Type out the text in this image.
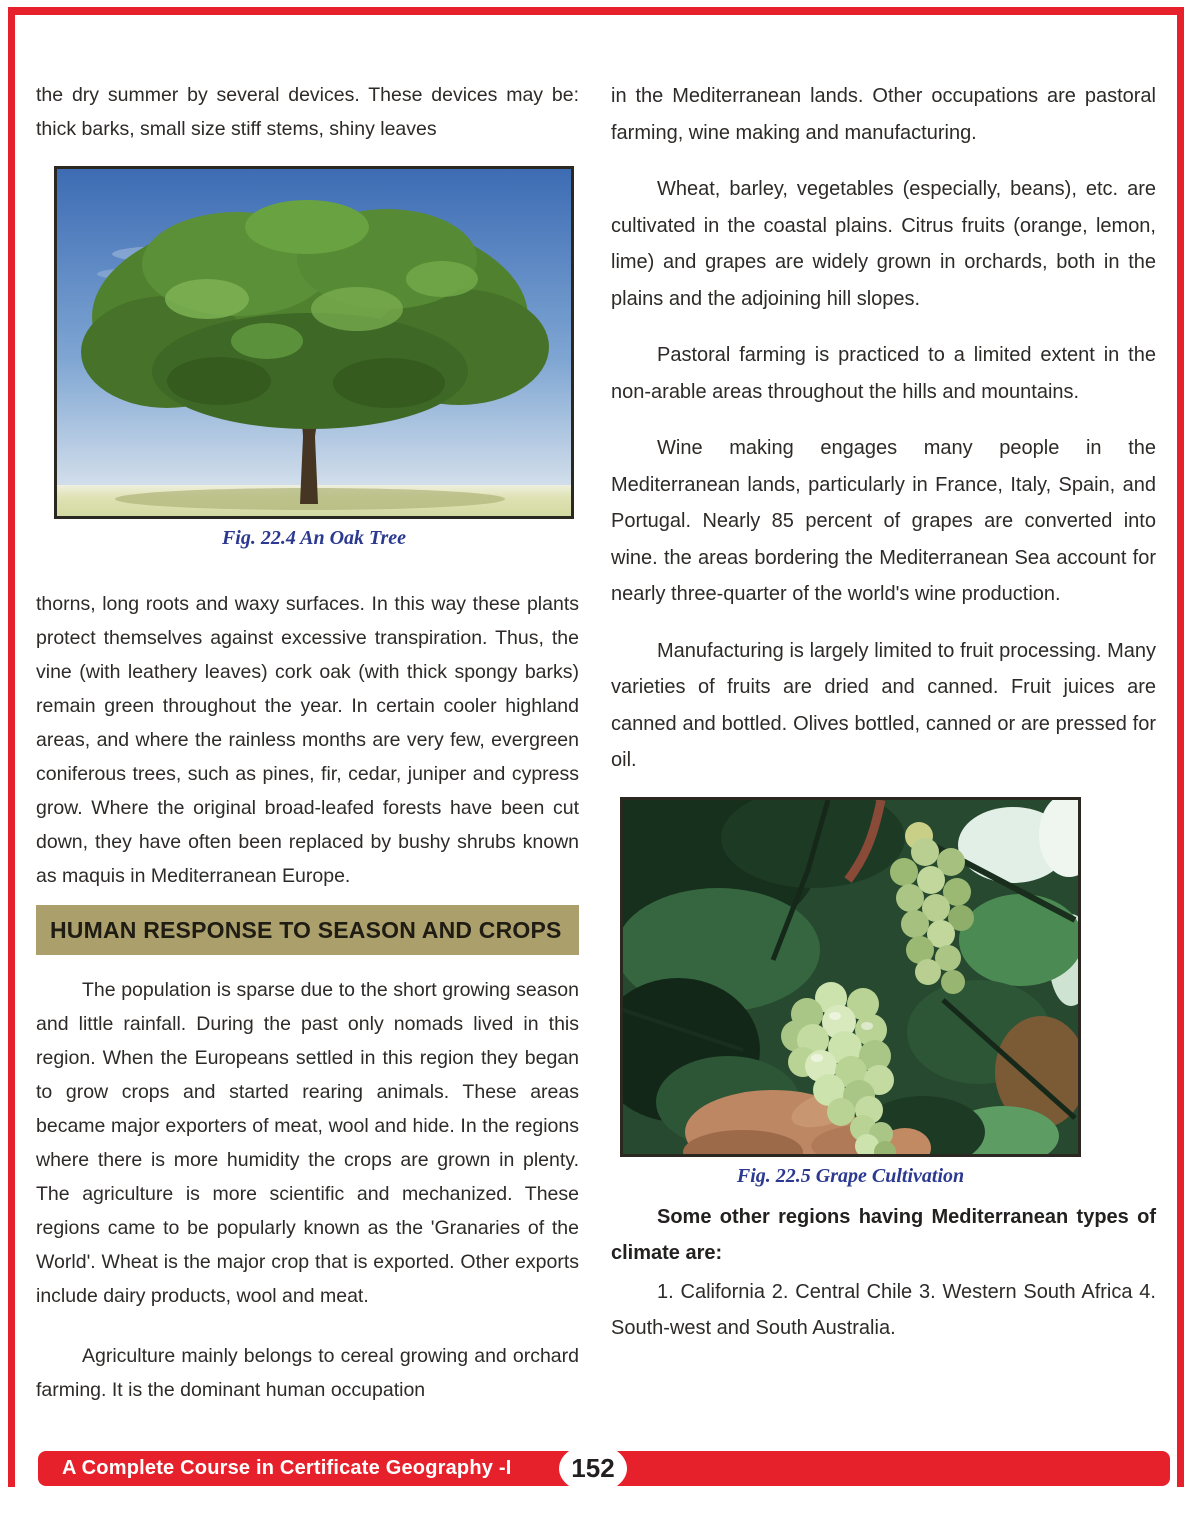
the dry summer by several devices. These devices may be: thick barks, small size stiff stems, shiny leaves

Fig. 22.4 An Oak Tree

thorns, long roots and waxy surfaces. In this way these plants protect themselves against excessive transpiration. Thus, the vine (with leathery leaves) cork oak (with thick spongy barks) remain green throughout the year. In certain cooler highland areas, and where the rainless months are very few, evergreen coniferous trees, such as pines, fir, cedar, juniper and cypress grow. Where the original broad-leafed forests have been cut down, they have often been replaced by bushy shrubs known as maquis in Mediterranean Europe.

HUMAN RESPONSE TO SEASON AND CROPS

The population is sparse due to the short growing season and little rainfall. During the past only nomads lived in this region. When the Europeans settled in this region they began to grow crops and started rearing animals. These areas became major exporters of meat, wool and hide. In the regions where there is more humidity the crops are grown in plenty. The agriculture is more scientific and mechanized. These regions came to be popularly known as the 'Granaries of the World'. Wheat is the major crop that is exported. Other exports include dairy products, wool and meat.

Agriculture mainly belongs to cereal growing and orchard farming. It is the dominant human occupation

in the Mediterranean lands. Other occupations are pastoral farming, wine making and manufacturing.

Wheat, barley, vegetables (especially, beans), etc. are cultivated in the coastal plains. Citrus fruits (orange, lemon, lime) and grapes are widely grown in orchards, both in the plains and the adjoining hill slopes.

Pastoral farming is practiced to a limited extent in the non-arable areas throughout the hills and mountains.

Wine making engages many people in the Mediterranean lands, particularly in France, Italy, Spain, and Portugal. Nearly 85 percent of grapes are converted into wine. the areas bordering the Mediterranean Sea account for nearly three-quarter of the world's wine production.

Manufacturing is largely limited to fruit processing. Many varieties of fruits are dried and canned. Fruit juices are canned and bottled. Olives bottled, canned or are pressed for oil.

Fig. 22.5 Grape Cultivation

Some other regions having Mediterranean types of climate are:

1. California 2. Central Chile 3. Western South Africa 4. South-west and South Australia.

A Complete Course in Certificate Geography -I	152
